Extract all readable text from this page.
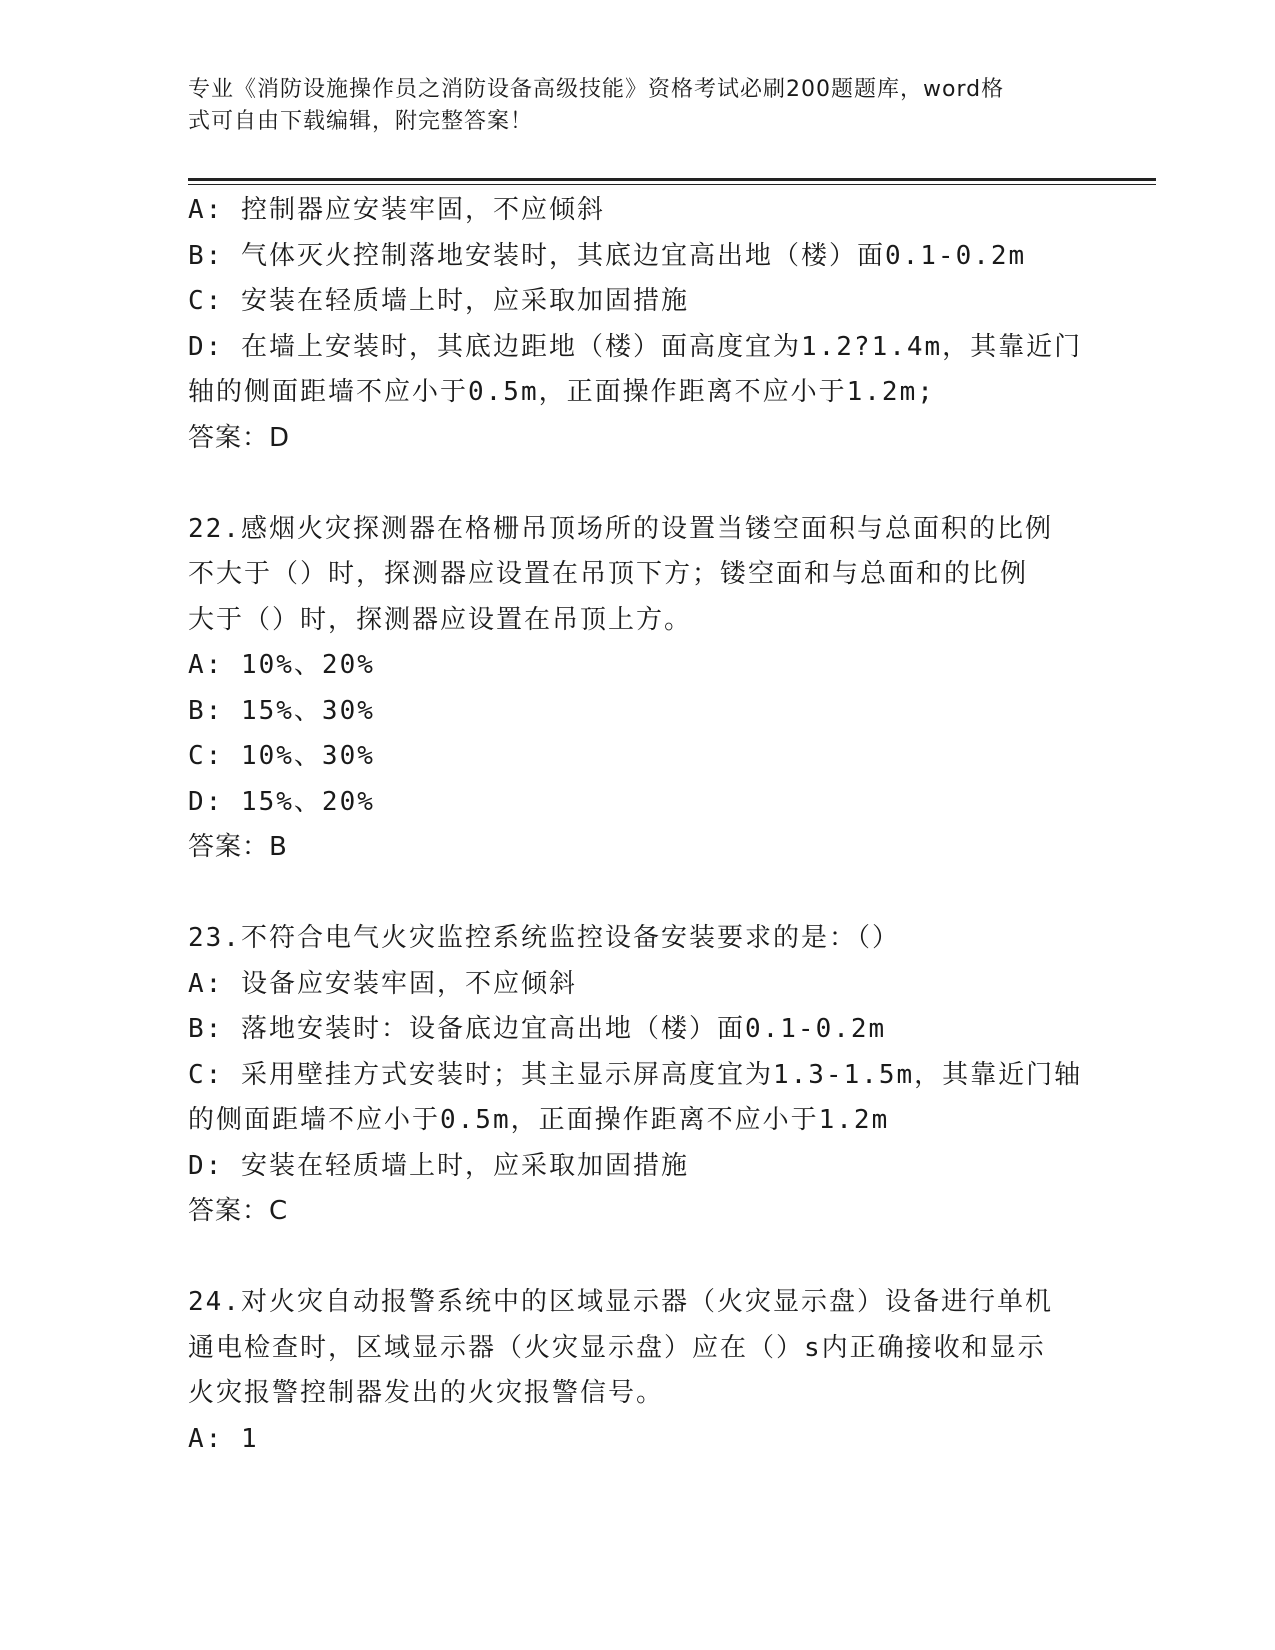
专业《消防设施操作员之消防设备高级技能》资格考试必刷200题题库，word格
式可自由下载编辑，附完整答案！
A: 控制器应安装牢固，不应倾斜
B: 气体灭火控制落地安装时，其底边宜高出地（楼）面0.1-0.2m
C: 安装在轻质墙上时，应采取加固措施
D: 在墙上安装时，其底边距地（楼）面高度宜为1.2?1.4m，其靠近门
轴的侧面距墙不应小于0.5m，正面操作距离不应小于1.2m;
答案：D
22.感烟火灾探测器在格栅吊顶场所的设置当镂空面积与总面积的比例
不大于（）时，探测器应设置在吊顶下方；镂空面和与总面和的比例
大于（）时，探测器应设置在吊顶上方。
A: 10%、20%
B: 15%、30%
C: 10%、30%
D: 15%、20%
答案：B
23.不符合电气火灾监控系统监控设备安装要求的是：（）
A: 设备应安装牢固，不应倾斜
B: 落地安装时：设备底边宜高出地（楼）面0.1-0.2m
C: 采用壁挂方式安装时；其主显示屏高度宜为1.3-1.5m，其靠近门轴
的侧面距墙不应小于0.5m，正面操作距离不应小于1.2m
D: 安装在轻质墙上时，应采取加固措施
答案：C
24.对火灾自动报警系统中的区域显示器（火灾显示盘）设备进行单机
通电检查时，区域显示器（火灾显示盘）应在（）s内正确接收和显示
火灾报警控制器发出的火灾报警信号。
A: 1
